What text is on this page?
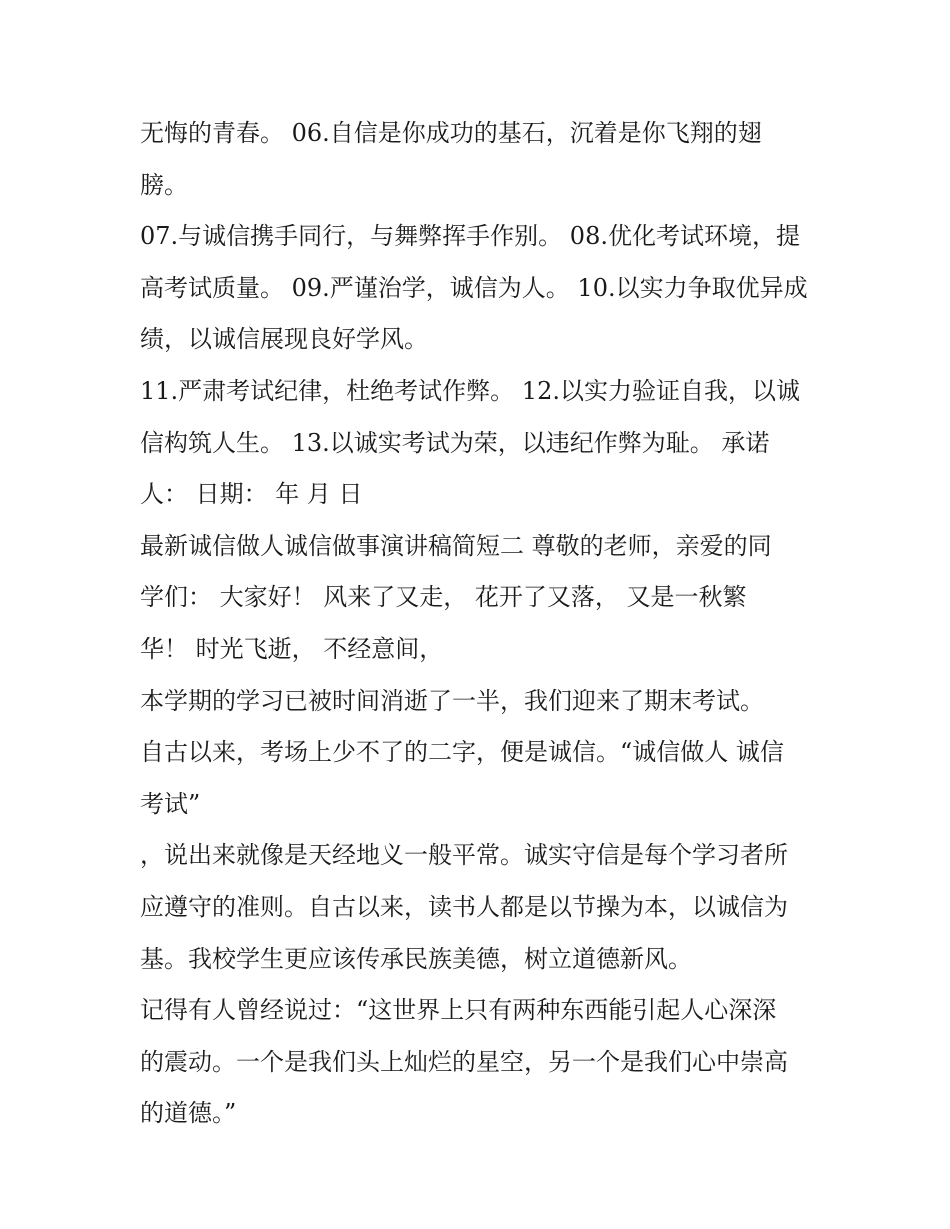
无悔的青春。 06.自信是你成功的基石，沉着是你飞翔的翅
膀。
07.与诚信携手同行，与舞弊挥手作别。 08.优化考试环境，提
高考试质量。 09.严谨治学，诚信为人。 10.以实力争取优异成
绩，以诚信展现良好学风。
11.严肃考试纪律，杜绝考试作弊。 12.以实力验证自我，以诚
信构筑人生。 13.以诚实考试为荣，以违纪作弊为耻。 承诺
人： 日期： 年 月 日
最新诚信做人诚信做事演讲稿简短二 尊敬的老师，亲爱的同
学们： 大家好！ 风来了又走， 花开了又落， 又是一秋繁
华！ 时光飞逝， 不经意间，
本学期的学习已被时间消逝了一半，我们迎来了期末考试。
自古以来，考场上少不了的二字，便是诚信。“诚信做人 诚信
考试”
，说出来就像是天经地义一般平常。诚实守信是每个学习者所
应遵守的准则。自古以来，读书人都是以节操为本，以诚信为
基。我校学生更应该传承民族美德，树立道德新风。
记得有人曾经说过：“这世界上只有两种东西能引起人心深深
的震动。一个是我们头上灿烂的星空，另一个是我们心中崇高
的道德。”
